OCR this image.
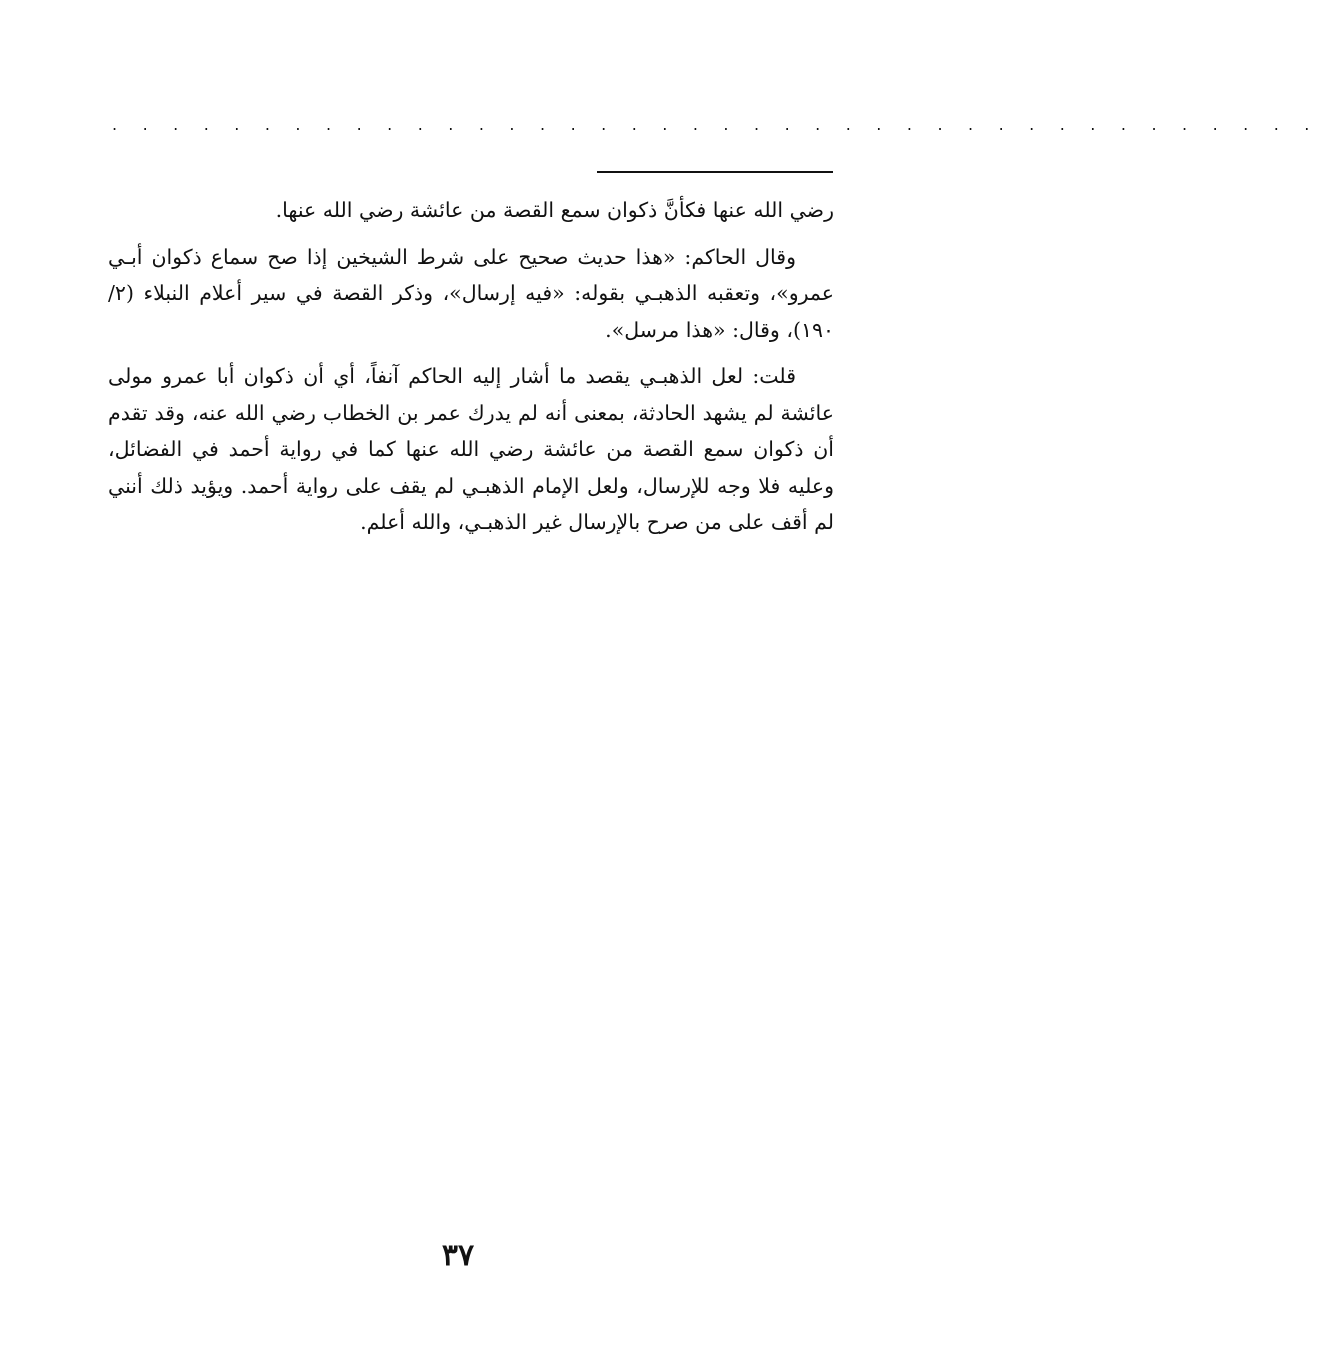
. . . . . . . . . . . . . . . . . . . . . . . . . . . . . . . . . . . . . . . .

رضي الله عنها فكأنَّ ذكوان سمع القصة من عائشة رضي الله عنها.

وقال الحاكم: «هذا حديث صحيح على شرط الشيخين إذا صح سماع ذكوان أبـي عمرو»، وتعقبه الذهبـي بقوله: «فيه إرسال»، وذكر القصة في سير أعلام النبلاء (٢/ ١٩٠)، وقال: «هذا مرسل».

قلت: لعل الذهبـي يقصد ما أشار إليه الحاكم آنفاً، أي أن ذكوان أبا عمرو مولى عائشة لم يشهد الحادثة، بمعنى أنه لم يدرك عمر بن الخطاب رضي الله عنه، وقد تقدم أن ذكوان سمع القصة من عائشة رضي الله عنها كما في رواية أحمد في الفضائل، وعليه فلا وجه للإرسال، ولعل الإمام الذهبـي لم يقف على رواية أحمد. ويؤيد ذلك أنني لم أقف على من صرح بالإرسال غير الذهبـي، والله أعلم.

٣٧
